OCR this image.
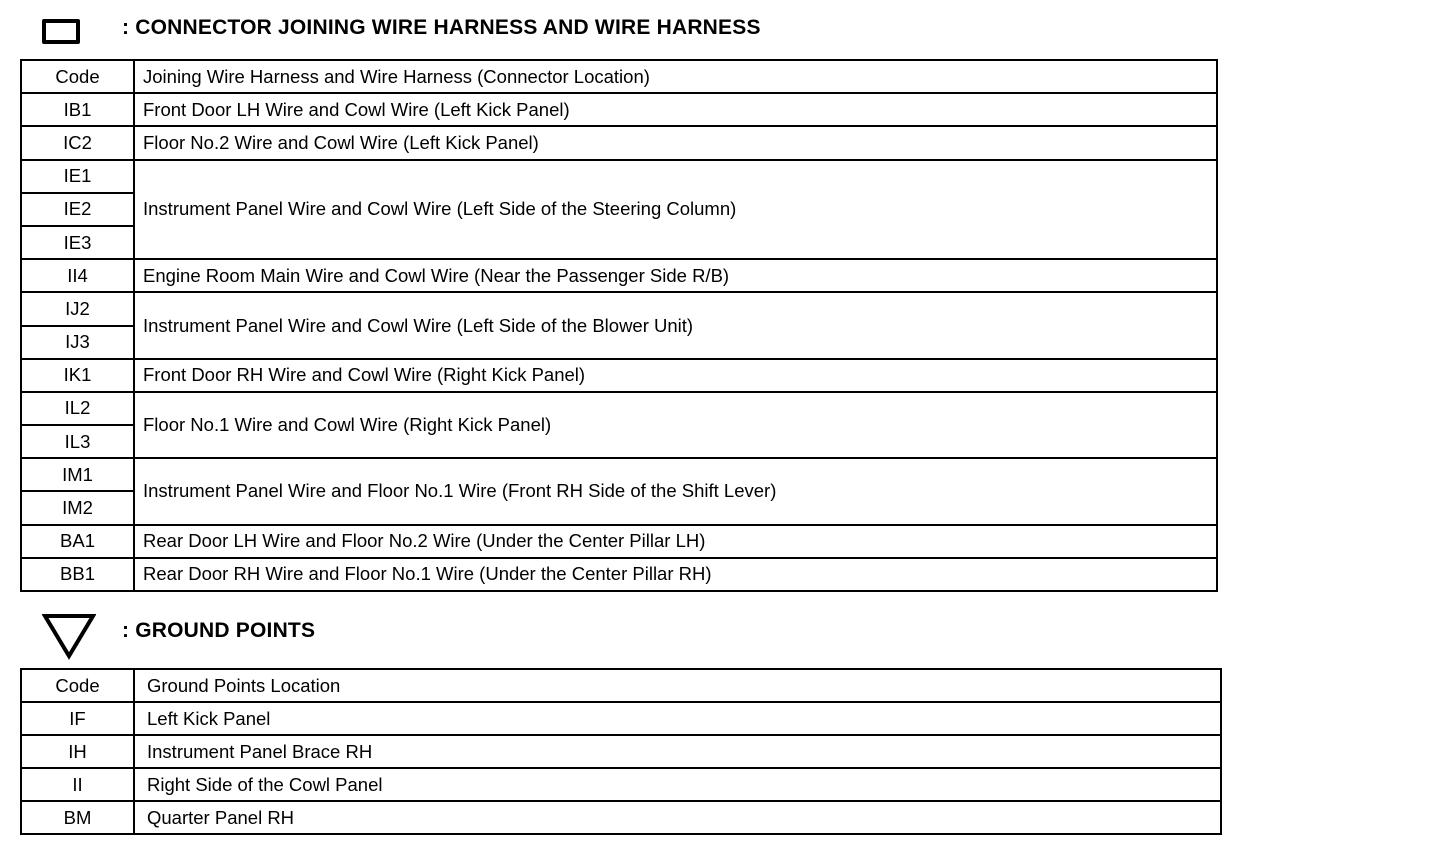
: CONNECTOR JOINING WIRE HARNESS AND WIRE HARNESS
Code	Joining Wire Harness and Wire Harness (Connector Location)
IB1	Front Door LH Wire and Cowl Wire (Left Kick Panel)
IC2	Floor No.2 Wire and Cowl Wire (Left Kick Panel)
IE1	Instrument Panel Wire and Cowl Wire (Left Side of the Steering Column)
IE2	
IE3	
II4	Engine Room Main Wire and Cowl Wire (Near the Passenger Side R/B)
IJ2	Instrument Panel Wire and Cowl Wire (Left Side of the Blower Unit)
IJ3	
IK1	Front Door RH Wire and Cowl Wire (Right Kick Panel)
IL2	Floor No.1 Wire and Cowl Wire (Right Kick Panel)
IL3	
IM1	Instrument Panel Wire and Floor No.1 Wire (Front RH Side of the Shift Lever)
IM2	
BA1	Rear Door LH Wire and Floor No.2 Wire (Under the Center Pillar LH)
BB1	Rear Door RH Wire and Floor No.1 Wire (Under the Center Pillar RH)
: GROUND POINTS
Code	Ground Points Location
IF	Left Kick Panel
IH	Instrument Panel Brace RH
II	Right Side of the Cowl Panel
BM	Quarter Panel RH
